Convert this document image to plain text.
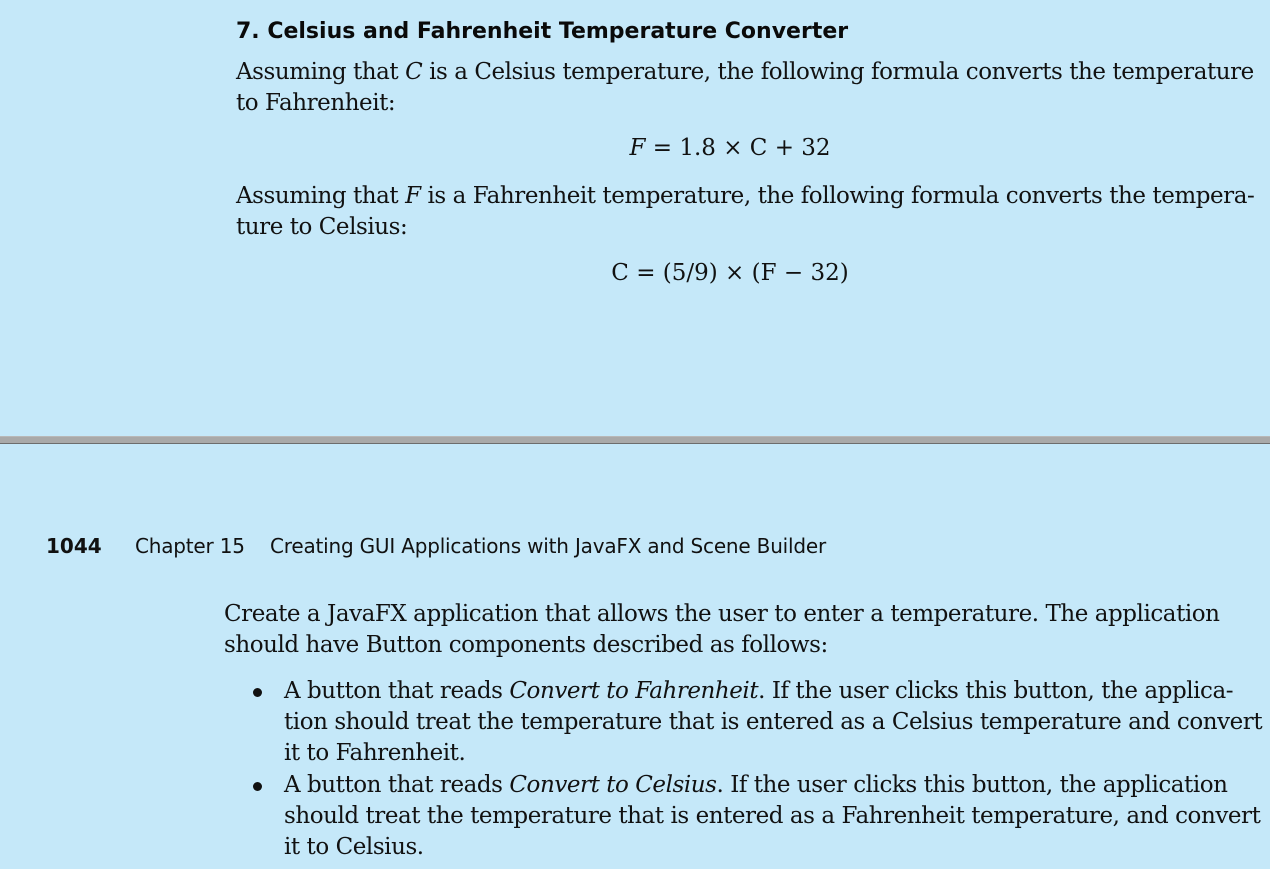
7. Celsius and Fahrenheit Temperature Converter
Assuming that C is a Celsius temperature, the following formula converts the temperature
to Fahrenheit:
F = 1.8 × C + 32
Assuming that F is a Fahrenheit temperature, the following formula converts the tempera-
ture to Celsius:
C = (5/9) × (F − 32)
1044 Chapter 15 Creating GUI Applications with JavaFX and Scene Builder
Create a JavaFX application that allows the user to enter a temperature. The application
should have Button components described as follows:
A button that reads Convert to Fahrenheit. If the user clicks this button, the applica-
tion should treat the temperature that is entered as a Celsius temperature and convert
it to Fahrenheit.
A button that reads Convert to Celsius. If the user clicks this button, the application
should treat the temperature that is entered as a Fahrenheit temperature, and convert
it to Celsius.
